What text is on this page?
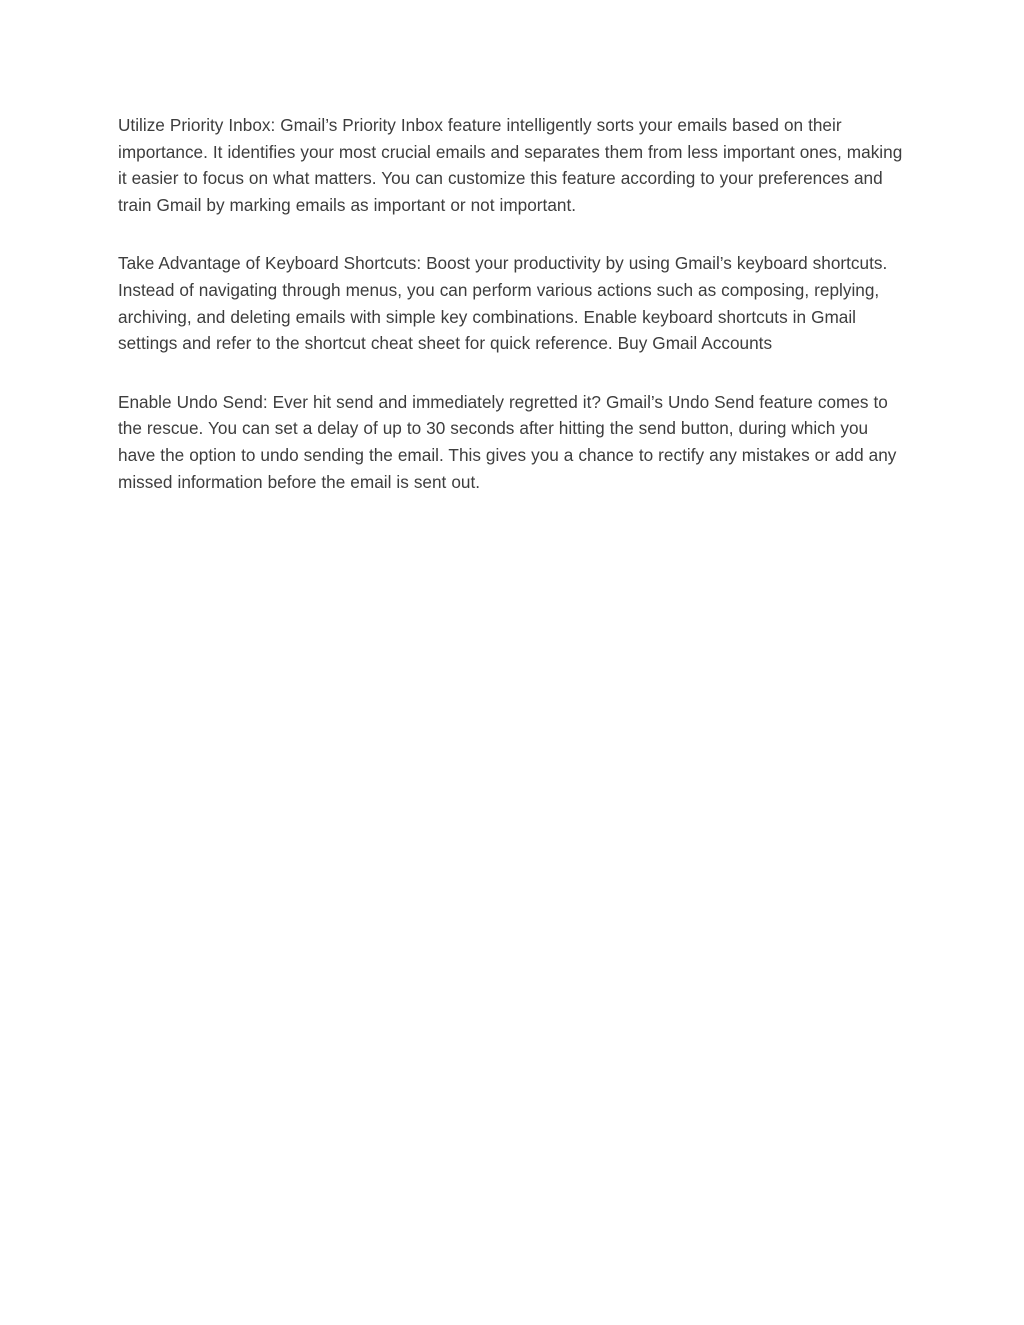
Utilize Priority Inbox: Gmail’s Priority Inbox feature intelligently sorts your emails based on their importance. It identifies your most crucial emails and separates them from less important ones, making it easier to focus on what matters. You can customize this feature according to your preferences and train Gmail by marking emails as important or not important.

Take Advantage of Keyboard Shortcuts: Boost your productivity by using Gmail’s keyboard shortcuts. Instead of navigating through menus, you can perform various actions such as composing, replying, archiving, and deleting emails with simple key combinations. Enable keyboard shortcuts in Gmail settings and refer to the shortcut cheat sheet for quick reference. Buy Gmail Accounts

Enable Undo Send: Ever hit send and immediately regretted it? Gmail’s Undo Send feature comes to the rescue. You can set a delay of up to 30 seconds after hitting the send button, during which you have the option to undo sending the email. This gives you a chance to rectify any mistakes or add any missed information before the email is sent out.
